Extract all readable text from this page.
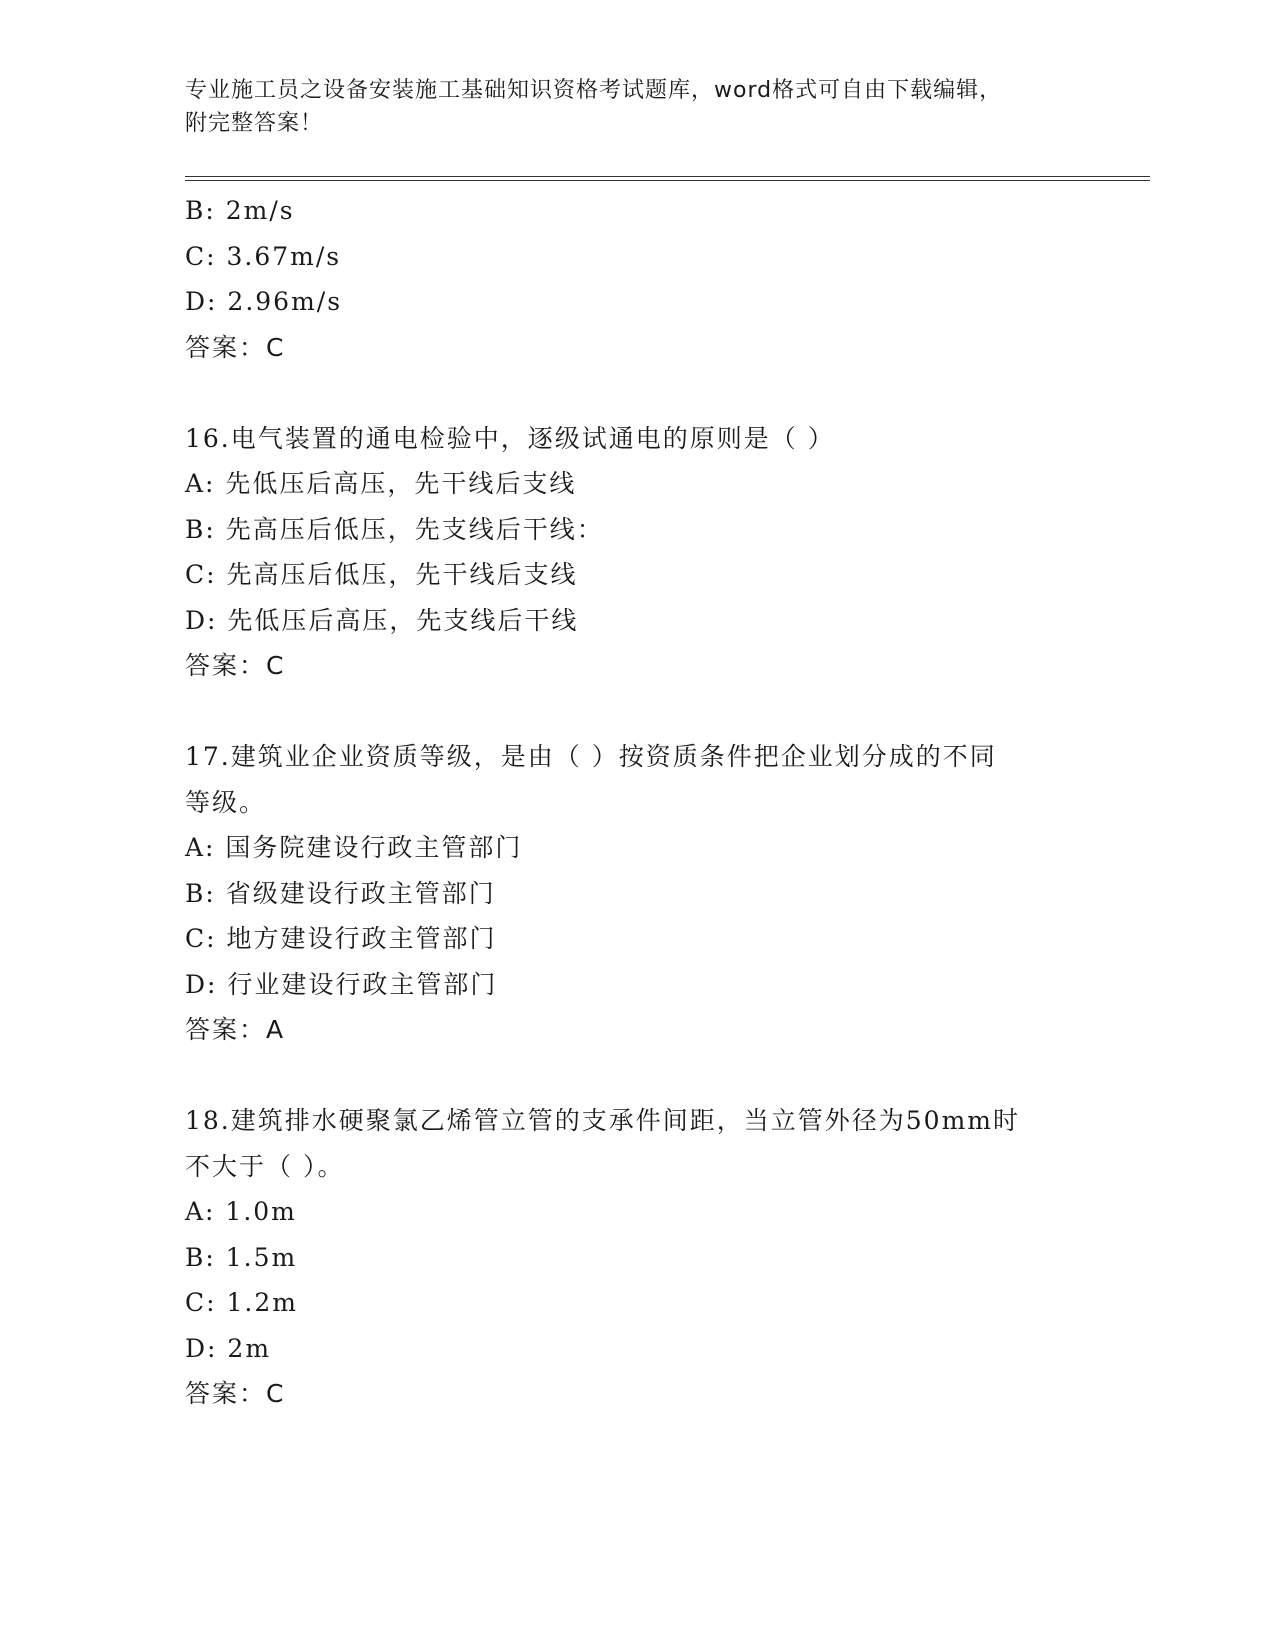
专业施工员之设备安装施工基础知识资格考试题库，word格式可自由下载编辑，
附完整答案！
B: 2m/s
C: 3.67m/s
D: 2.96m/s
答案：C
16.电气装置的通电检验中，逐级试通电的原则是（ ）
A: 先低压后高压，先干线后支线
B: 先高压后低压，先支线后干线：
C: 先高压后低压，先干线后支线
D: 先低压后高压，先支线后干线
答案：C
17.建筑业企业资质等级，是由（ ）按资质条件把企业划分成的不同
等级。
A: 国务院建设行政主管部门
B: 省级建设行政主管部门
C: 地方建设行政主管部门
D: 行业建设行政主管部门
答案：A
18.建筑排水硬聚氯乙烯管立管的支承件间距，当立管外径为50mm时
不大于（ ）。
A: 1.0m
B: 1.5m
C: 1.2m
D: 2m
答案：C
